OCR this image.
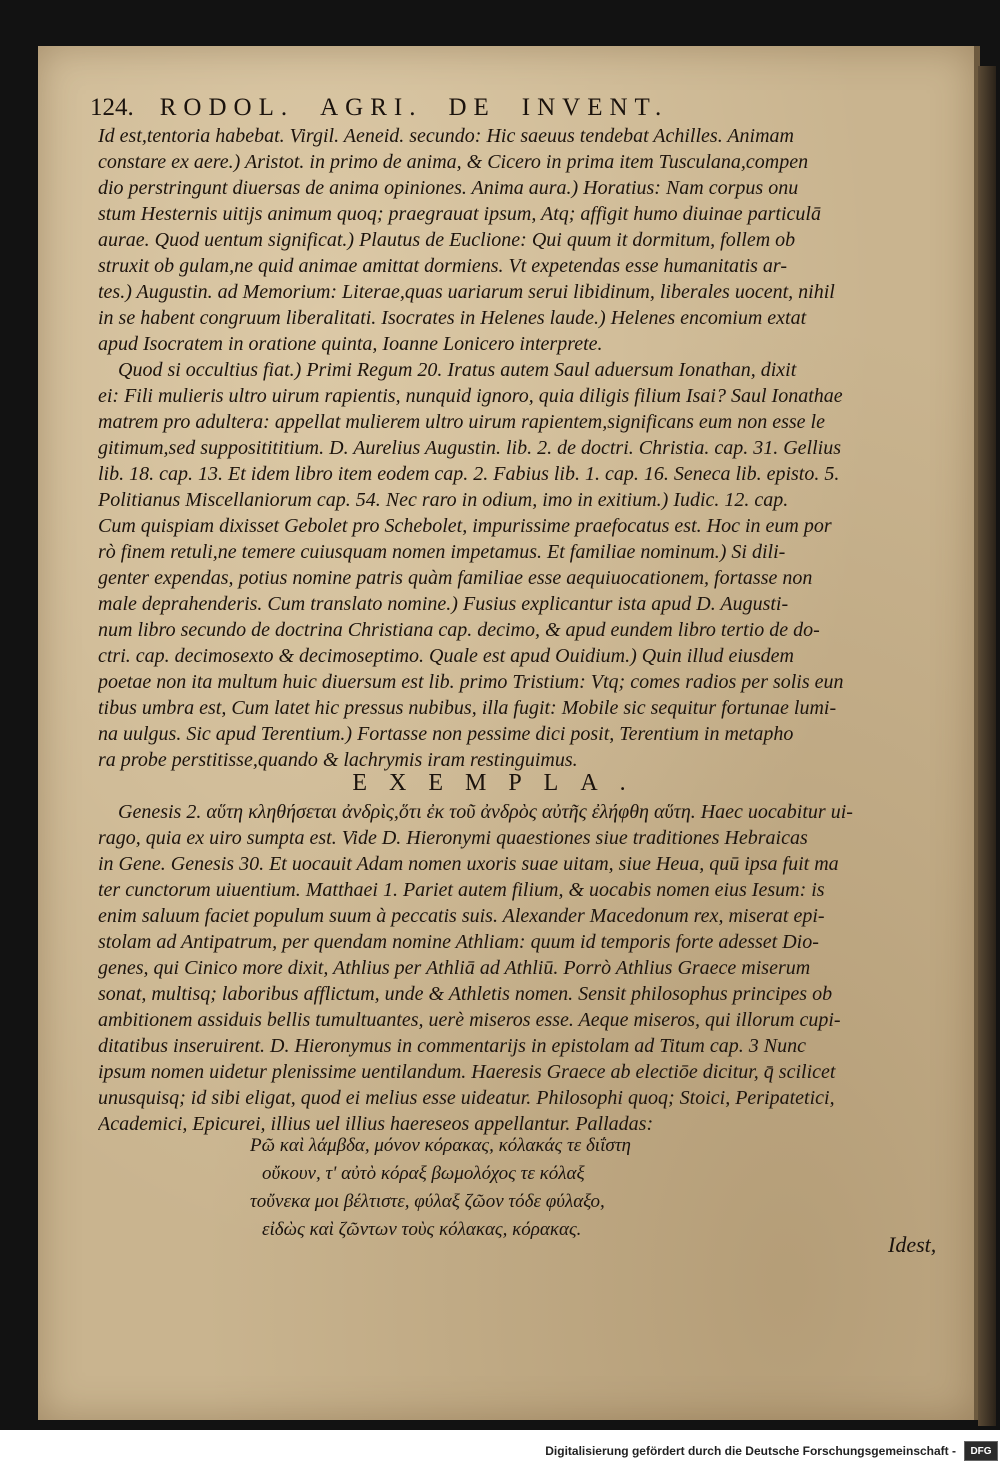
124. RODOL. AGRI. DE INVENT.
Id est,tentoria habebat. Virgil. Aeneid. secundo: Hic saeuus tendebat Achilles. Animam
constare ex aere.) Aristot. in primo de anima, & Cicero in prima item Tusculana,compen
dio perstringunt diuersas de anima opiniones. Anima aura.) Horatius: Nam corpus onu
stum Hesternis uitijs animum quoq; praegrauat ipsum, Atq; affigit humo diuinae particulā
aurae. Quod uentum significat.) Plautus de Euclione: Qui quum it dormitum, follem ob
struxit ob gulam,ne quid animae amittat dormiens. Vt expetendas esse humanitatis ar-
tes.) Augustin. ad Memorium: Literae,quas uariarum serui libidinum, liberales uocent, nihil
in se habent congruum liberalitati. Isocrates in Helenes laude.) Helenes encomium extat
apud Isocratem in oratione quinta, Ioanne Lonicero interprete.
Quod si occultius fiat.) Primi Regum 20. Iratus autem Saul aduersum Ionathan, dixit
ei: Fili mulieris ultro uirum rapientis, nunquid ignoro, quia diligis filium Isai? Saul Ionathae
matrem pro adultera: appellat mulierem ultro uirum rapientem,significans eum non esse le
gitimum,sed suppositititium. D. Aurelius Augustin. lib. 2. de doctri. Christia. cap. 31. Gellius
lib. 18. cap. 13. Et idem libro item eodem cap. 2. Fabius lib. 1. cap. 16. Seneca lib. episto. 5.
Politianus Miscellaniorum cap. 54. Nec raro in odium, imo in exitium.) Iudic. 12. cap.
Cum quispiam dixisset Gebolet pro Schebolet, impurissime praefocatus est. Hoc in eum por
rò finem retuli,ne temere cuiusquam nomen impetamus. Et familiae nominum.) Si dili-
genter expendas, potius nomine patris quàm familiae esse aequiuocationem, fortasse non
male deprahenderis. Cum translato nomine.) Fusius explicantur ista apud D. Augusti-
num libro secundo de doctrina Christiana cap. decimo, & apud eundem libro tertio de do-
ctri. cap. decimosexto & decimoseptimo. Quale est apud Ouidium.) Quin illud eiusdem
poetae non ita multum huic diuersum est lib. primo Tristium: Vtq; comes radios per solis eun
tibus umbra est, Cum latet hic pressus nubibus, illa fugit: Mobile sic sequitur fortunae lumi-
na uulgus. Sic apud Terentium.) Fortasse non pessime dici posit, Terentium in metapho
ra probe perstitisse,quando & lachrymis iram restinguimus.
EXEMPLA.
Genesis 2. αὕτη κληθήσεται ἀνδρὶς,ὅτι ἐκ τοῦ ἀνδρὸς αὐτῆς ἐλήφθη αὕτη. Haec uocabitur ui-
rago, quia ex uiro sumpta est. Vide D. Hieronymi quaestiones siue traditiones Hebraicas
in Gene. Genesis 30. Et uocauit Adam nomen uxoris suae uitam, siue Heua, quū ipsa fuit ma
ter cunctorum uiuentium. Matthaei 1. Pariet autem filium, & uocabis nomen eius Iesum: is
enim saluum faciet populum suum à peccatis suis. Alexander Macedonum rex, miserat epi-
stolam ad Antipatrum, per quendam nomine Athliam: quum id temporis forte adesset Dio-
genes, qui Cinico more dixit, Athlius per Athliā ad Athliū. Porrò Athlius Graece miserum
sonat, multisq; laboribus afflictum, unde & Athletis nomen. Sensit philosophus principes ob
ambitionem assiduis bellis tumultuantes, uerè miseros esse. Aeque miseros, qui illorum cupi-
ditatibus inseruirent. D. Hieronymus in commentarijs in epistolam ad Titum cap. 3 Nunc
ipsum nomen uidetur plenissime uentilandum. Haeresis Graece ab electiōe dicitur, q̄ scilicet
unusquisq; id sibi eligat, quod ei melius esse uideatur. Philosophi quoq; Stoici, Peripatetici,
Academici, Epicurei, illius uel illius haereseos appellantur. Palladas:
Ρῶ καὶ λάμβδα, μόνον κόρακας, κόλακάς τε διΐστη
οὔκουν, τ' αὐτὸ κόραξ βωμολόχος τε κόλαξ
τοὔνεκα μοι βέλτιστε, φύλαξ ζῶον τόδε φύλαξο,
εἰδὼς καὶ ζῶντων τοὺς κόλακας, κόρακας.
Idest,
Digitalisierung gefördert durch die Deutsche Forschungsgemeinschaft -	DFG
